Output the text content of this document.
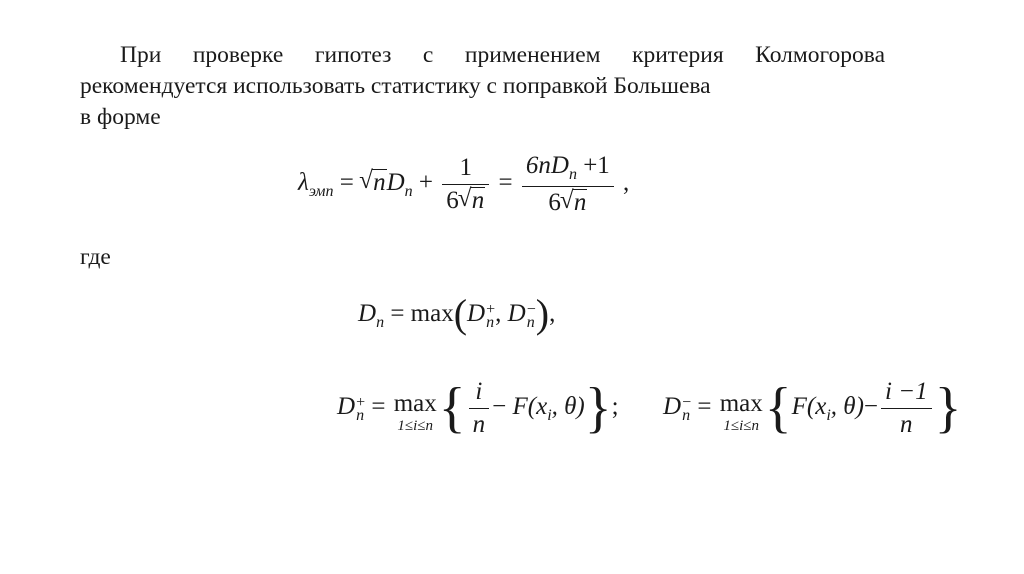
При проверке гипотез с применением критерия Колмогорова
рекомендуется использовать статистику с поправкой Большева
в форме
$\lambda_{эмп}$ = √ $nD_n + \frac{1}{6 √ n} = \frac{6nD_n +1}{6 √ n}$ ,
где
$D_n = \max(D$ +
n , D −
n ),
D +
n = max
1≤i≤n { $\frac{i}{n} - F(x_i$, θ)}; D −
n = max
1≤i≤n {$F(x_i$, $\theta)- \frac{i -1}{n}$ }
